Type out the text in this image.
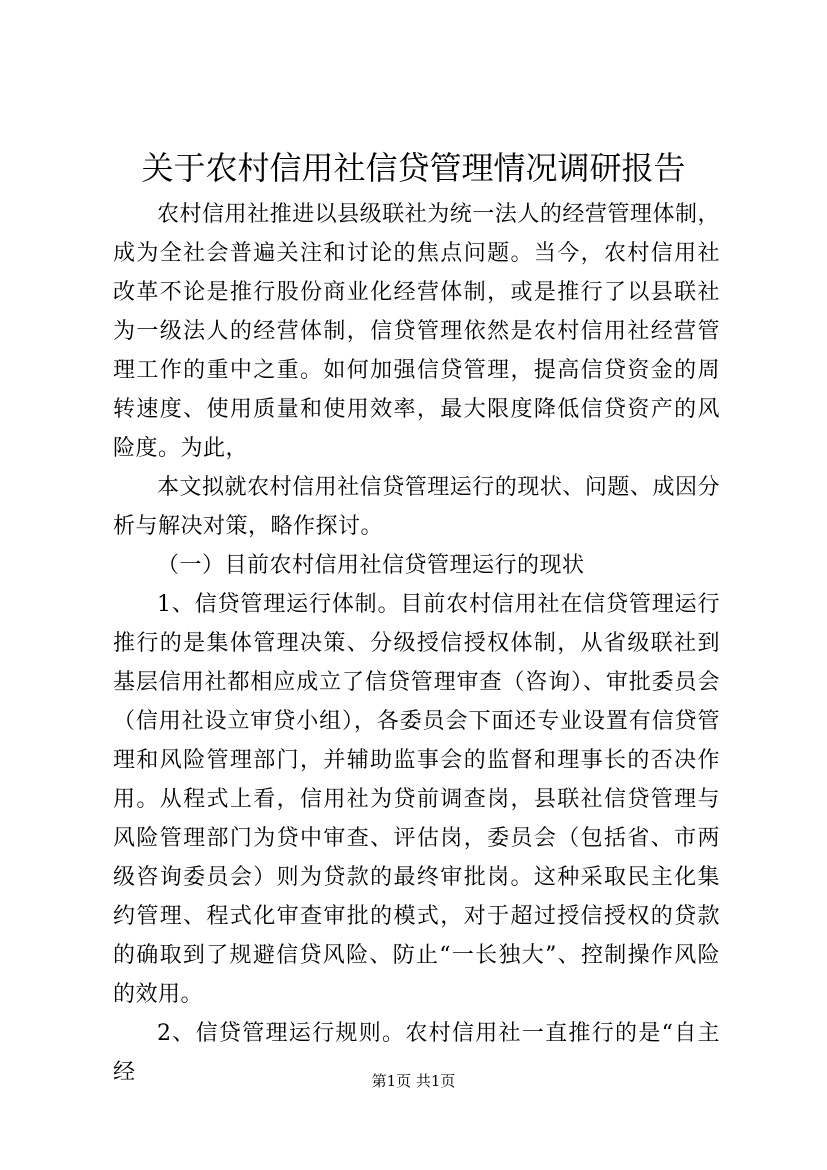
关于农村信用社信贷管理情况调研报告

农村信用社推进以县级联社为统一法人的经营管理体制，成为全社会普遍关注和讨论的焦点问题。当今，农村信用社改革不论是推行股份商业化经营体制，或是推行了以县联社为一级法人的经营体制，信贷管理依然是农村信用社经营管理工作的重中之重。如何加强信贷管理，提高信贷资金的周转速度、使用质量和使用效率，最大限度降低信贷资产的风险度。为此，

本文拟就农村信用社信贷管理运行的现状、问题、成因分析与解决对策，略作探讨。

（一）目前农村信用社信贷管理运行的现状

1、信贷管理运行体制。目前农村信用社在信贷管理运行推行的是集体管理决策、分级授信授权体制，从省级联社到基层信用社都相应成立了信贷管理审查（咨询）、审批委员会（信用社设立审贷小组），各委员会下面还专业设置有信贷管理和风险管理部门，并辅助监事会的监督和理事长的否决作用。从程式上看，信用社为贷前调查岗，县联社信贷管理与风险管理部门为贷中审查、评估岗，委员会（包括省、市两级咨询委员会）则为贷款的最终审批岗。这种采取民主化集约管理、程式化审查审批的模式，对于超过授信授权的贷款的确取到了规避信贷风险、防止“一长独大”、控制操作风险的效用。

2、信贷管理运行规则。农村信用社一直推行的是“自主经	第1页 共1页
